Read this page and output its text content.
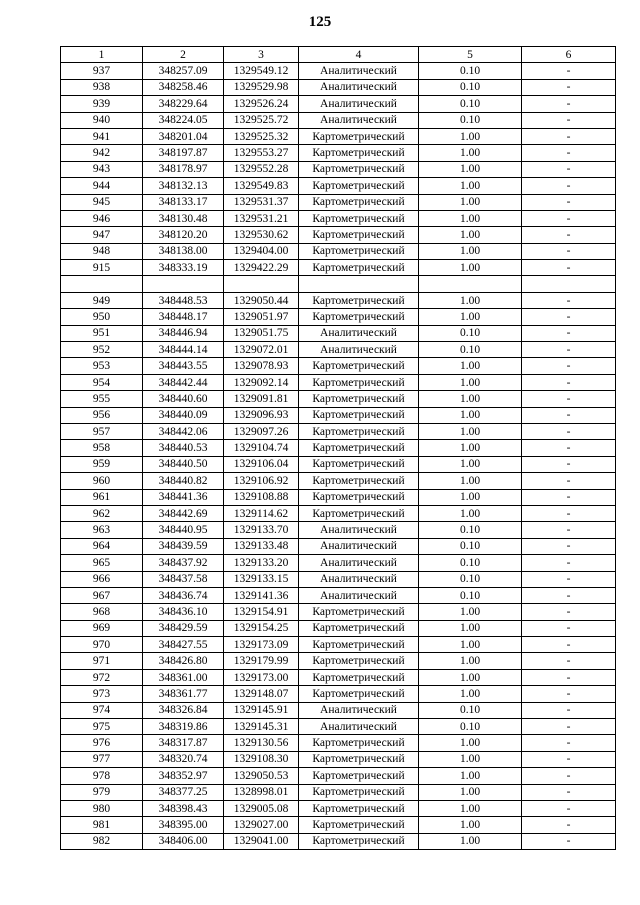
125
1	2	3	4	5	6
937	348257.09	1329549.12	Аналитический	0.10	-
938	348258.46	1329529.98	Аналитический	0.10	-
939	348229.64	1329526.24	Аналитический	0.10	-
940	348224.05	1329525.72	Аналитический	0.10	-
941	348201.04	1329525.32	Картометрический	1.00	-
942	348197.87	1329553.27	Картометрический	1.00	-
943	348178.97	1329552.28	Картометрический	1.00	-
944	348132.13	1329549.83	Картометрический	1.00	-
945	348133.17	1329531.37	Картометрический	1.00	-
946	348130.48	1329531.21	Картометрический	1.00	-
947	348120.20	1329530.62	Картометрический	1.00	-
948	348138.00	1329404.00	Картометрический	1.00	-
915	348333.19	1329422.29	Картометрический	1.00	-

949	348448.53	1329050.44	Картометрический	1.00	-
950	348448.17	1329051.97	Картометрический	1.00	-
951	348446.94	1329051.75	Аналитический	0.10	-
952	348444.14	1329072.01	Аналитический	0.10	-
953	348443.55	1329078.93	Картометрический	1.00	-
954	348442.44	1329092.14	Картометрический	1.00	-
955	348440.60	1329091.81	Картометрический	1.00	-
956	348440.09	1329096.93	Картометрический	1.00	-
957	348442.06	1329097.26	Картометрический	1.00	-
958	348440.53	1329104.74	Картометрический	1.00	-
959	348440.50	1329106.04	Картометрический	1.00	-
960	348440.82	1329106.92	Картометрический	1.00	-
961	348441.36	1329108.88	Картометрический	1.00	-
962	348442.69	1329114.62	Картометрический	1.00	-
963	348440.95	1329133.70	Аналитический	0.10	-
964	348439.59	1329133.48	Аналитический	0.10	-
965	348437.92	1329133.20	Аналитический	0.10	-
966	348437.58	1329133.15	Аналитический	0.10	-
967	348436.74	1329141.36	Аналитический	0.10	-
968	348436.10	1329154.91	Картометрический	1.00	-
969	348429.59	1329154.25	Картометрический	1.00	-
970	348427.55	1329173.09	Картометрический	1.00	-
971	348426.80	1329179.99	Картометрический	1.00	-
972	348361.00	1329173.00	Картометрический	1.00	-
973	348361.77	1329148.07	Картометрический	1.00	-
974	348326.84	1329145.91	Аналитический	0.10	-
975	348319.86	1329145.31	Аналитический	0.10	-
976	348317.87	1329130.56	Картометрический	1.00	-
977	348320.74	1329108.30	Картометрический	1.00	-
978	348352.97	1329050.53	Картометрический	1.00	-
979	348377.25	1328998.01	Картометрический	1.00	-
980	348398.43	1329005.08	Картометрический	1.00	-
981	348395.00	1329027.00	Картометрический	1.00	-
982	348406.00	1329041.00	Картометрический	1.00	-
